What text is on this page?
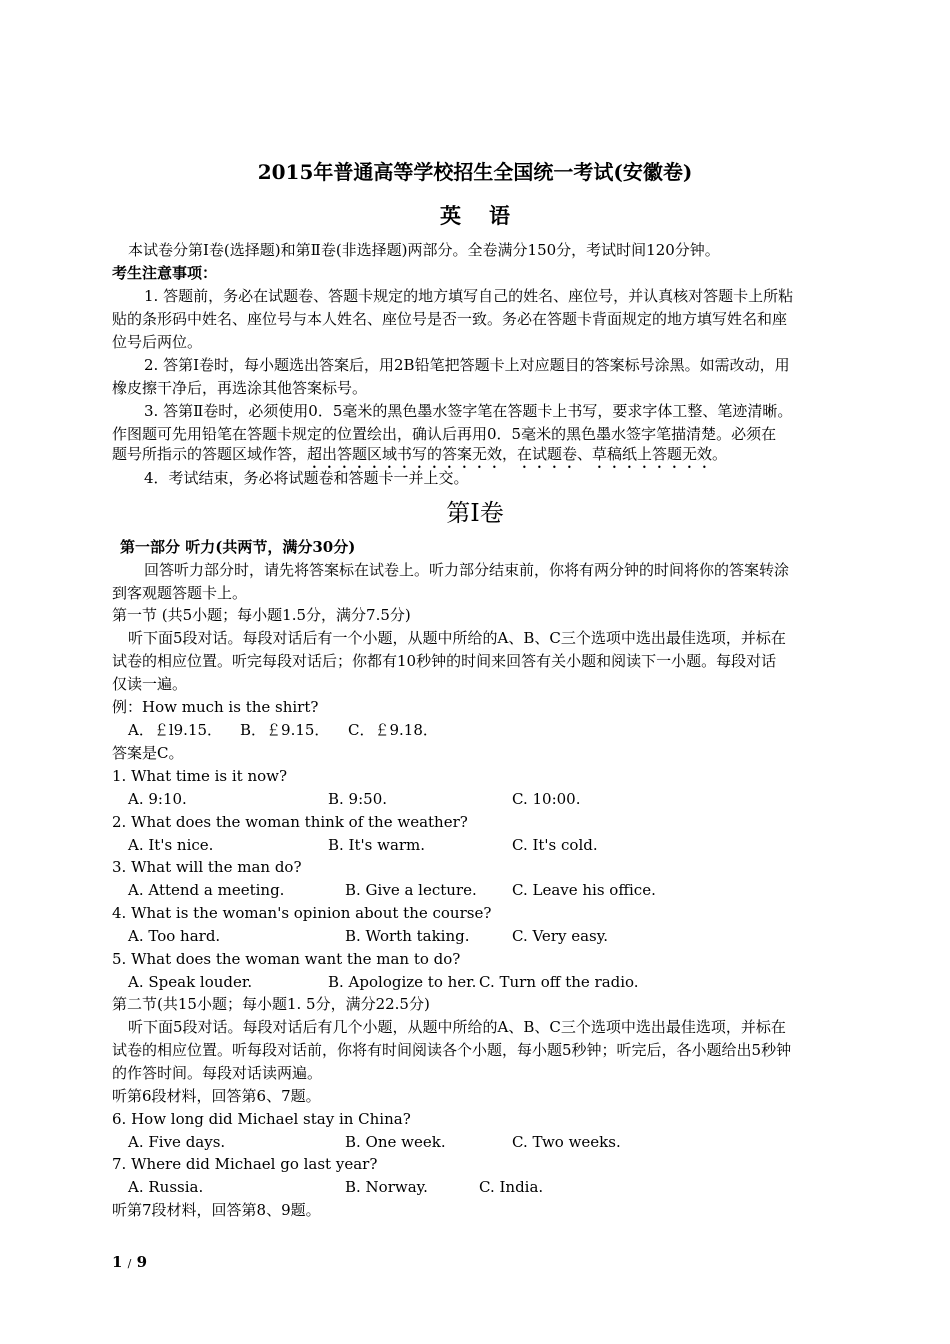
2015年普通高等学校招生全国统一考试(安徽卷)
英 语
本试卷分第Ⅰ卷(选择题)和第Ⅱ卷(非选择题)两部分。全卷满分150分，考试时间120分钟。
考生注意事项：
1. 答题前，务必在试题卷、答题卡规定的地方填写自己的姓名、座位号，并认真核对答题卡上所粘
贴的条形码中姓名、座位号与本人姓名、座位号是否一致。务必在答题卡背面规定的地方填写姓名和座
位号后两位。
2. 答第Ⅰ卷时，每小题选出答案后，用2B铅笔把答题卡上对应题目的答案标号涂黑。如需改动，用
橡皮擦干净后，再选涂其他答案标号。
3. 答第Ⅱ卷时，必须使用0．5毫米的黑色墨水签字笔在答题卡上书写，要求字体工整、笔迹清晰。
作图题可先用铅笔在答题卡规定的位置绘出，确认后再用0．5毫米的黑色墨水签字笔描清楚。必须在
题号所指示的答题区域作答，超出答题区域书写的答案无效，在试题卷、草稿纸上答题无效。
4．考试结束，务必将试题卷和答题卡一并上交。
第Ⅰ卷
第一部分 听力(共两节，满分30分)
回答听力部分时，请先将答案标在试卷上。听力部分结束前，你将有两分钟的时间将你的答案转涂
到客观题答题卡上。
第一节 (共5小题；每小题1.5分，满分7.5分)
听下面5段对话。每段对话后有一个小题，从题中所给的A、B、C三个选项中选出最佳选项，并标在
试卷的相应位置。听完每段对话后；你都有10秒钟的时间来回答有关小题和阅读下一小题。每段对话
仅读一遍。
例：How much is the shirt?
A．￡l9.15． B．￡9.15． C．￡9.18．
答案是C。
1. What time is it now?
A. 9:10.	B. 9:50.	C. 10:00.
2. What does the woman think of the weather?
A. It's nice.	B. It's warm.	C. It's cold.
3. What will the man do?
A. Attend a meeting.	B. Give a lecture. C. Leave his office.
4. What is the woman's opinion about the course?
A. Too hard.	B. Worth taking.	C. Very easy.
5. What does the woman want the man to do?
A. Speak louder.	B. Apologize to her. C. Turn off the radio.
第二节(共15小题；每小题1. 5分，满分22.5分)
听下面5段对话。每段对话后有几个小题，从题中所给的A、B、C三个选项中选出最佳选项，并标在
试卷的相应位置。听每段对话前，你将有时间阅读各个小题，每小题5秒钟；听完后，各小题给出5秒钟
的作答时间。每段对话读两遍。
听第6段材料，回答第6、7题。
6. How long did Michael stay in China?
A. Five days.	B. One week.	C. Two weeks.
7. Where did Michael go last year?
A. Russia.	B. Norway.	C. India.
听第7段材料，回答第8、9题。
1 / 9
